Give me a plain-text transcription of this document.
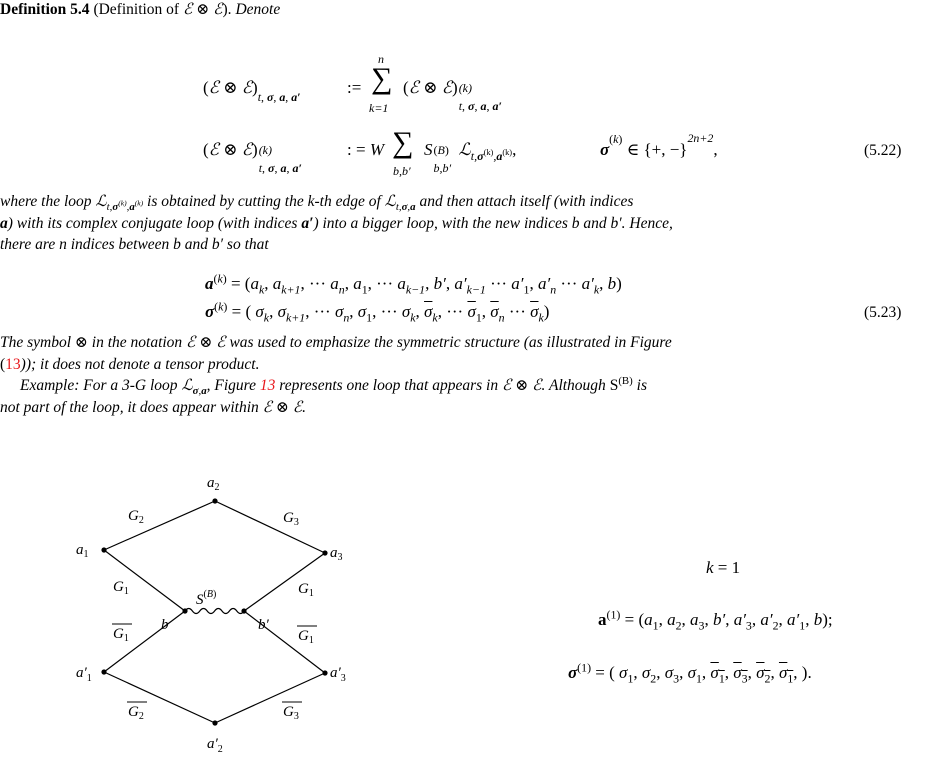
Definition 5.4 (Definition of ℰ ⊗ ℰ). Denote
(ℰ ⊗ $ℰ)_{t, \sigma, a, a'}$
:=
n
∑
k=1
(ℰ ⊗ ℰ) (k)
t, σ, a, a′
(ℰ ⊗ ℰ) (k)
t, σ, a, a′
: = W ∑
b,b′
S (B)
b,b′
ℒ$_{t,\sigma^{(k)},a^{(k)}}$,	$\sigma^{(k)}$ ∈ {+, −}$^{2n+2}$,	(5.22)
where the loop ℒ$_{t,\sigma^{(k)},a^{(k)}}$ is obtained by cutting the k-th edge of ℒ$_{t,\sigma,a}$ and then attach itself (with indices
a) with its complex conjugate loop (with indices a′) into a bigger loop, with the new indices b and b′. Hence,
there are n indices between b and b′ so that
$a^{(k)} = (a_k$, $a_{k+1}$, ··· $a_n$, $a_1$, ··· $a_{k-1}$, b′, $a'_{k-1}$ ··· $a'_1$, $a'_n$ ··· $a'_k$, b)
$\sigma^{(k)}$ = ( $\sigma_k$, $\sigma_{k+1}$, ··· $\sigma_n$, $\sigma_1$, ··· $\sigma_k$, $\overline{\sigma}_k$, ··· $\overline{\sigma}_1$, $\overline{\sigma}_n$ ··· $\overline{\sigma}_k$)	(5.23)
The symbol ⊗ in the notation ℰ ⊗ ℰ was used to emphasize the symmetric structure (as illustrated in Figure
(13)); it does not denote a tensor product.
Example: For a 3-G loop ℒ$_{\sigma,a}$, Figure 13 represents one loop that appears in ℰ ⊗ ℰ. Although $S^{(B)}$ is
not part of the loop, it does appear within ℰ ⊗ ℰ.
$a_2$
$a_1$	$a_3$
$a'_1$	$a'_3$
$a'_2$
b	b′
S(B)
$G_2$	$G_3$
$G_1$	$G_1$
$G_1$	$G_1$
$G_2$	$G_3$
k = 1
$a^{(1)} = (a_1$, $a_2$, $a_3$, b′, $a'_3$, $a'_2$, $a'_1$, b);
$\sigma^{(1)}$ = ( $\sigma_1$, $\sigma_2$, $\sigma_3$, $\sigma_1$, $\sigma_1$, $\sigma_3$, $\sigma_2$, $\sigma_1$, ).
